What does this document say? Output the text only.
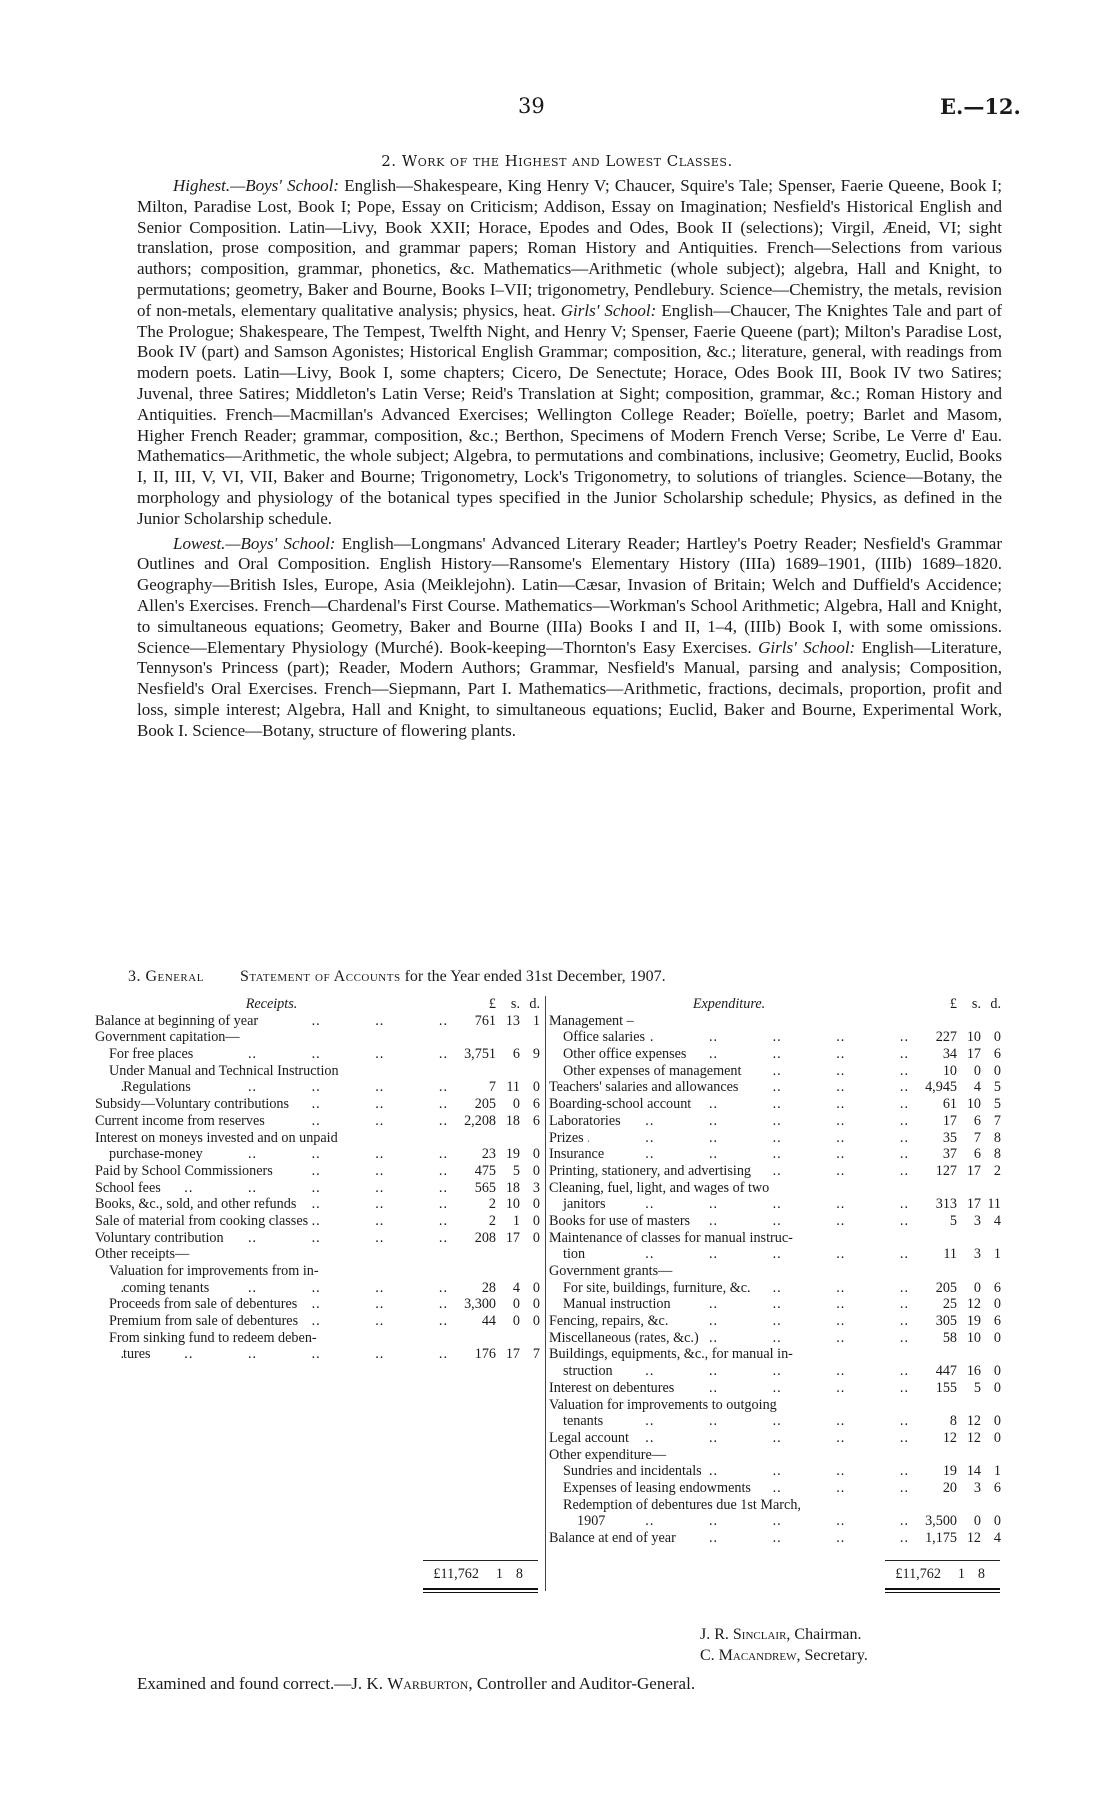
39	E.—12.
2. Work of the Highest and Lowest Classes.

Highest.—Boys' School: English—Shakespeare, King Henry V; Chaucer, Squire's Tale; Spenser, Faerie Queene, Book I; Milton, Paradise Lost, Book I; Pope, Essay on Criticism; Addison, Essay on Imagination; Nesfield's Historical English and Senior Composition. Latin—Livy, Book XXII; Horace, Epodes and Odes, Book II (selections); Virgil, Æneid, VI; sight translation, prose composition, and grammar papers; Roman History and Antiquities. French—Selections from various authors; composition, grammar, phonetics, &c. Mathematics—Arithmetic (whole subject); algebra, Hall and Knight, to permutations; geometry, Baker and Bourne, Books I–VII; trigonometry, Pendlebury. Science—Chemistry, the metals, revision of non-metals, elementary qualitative analysis; physics, heat. Girls' School: English—Chaucer, The Knightes Tale and part of The Prologue; Shakespeare, The Tempest, Twelfth Night, and Henry V; Spenser, Faerie Queene (part); Milton's Paradise Lost, Book IV (part) and Samson Agonistes; Historical English Grammar; composition, &c.; literature, general, with readings from modern poets. Latin—Livy, Book I, some chapters; Cicero, De Senectute; Horace, Odes Book III, Book IV two Satires; Juvenal, three Satires; Middleton's Latin Verse; Reid's Translation at Sight; composition, grammar, &c.; Roman History and Antiquities. French—Macmillan's Advanced Exercises; Wellington College Reader; Boïelle, poetry; Barlet and Masom, Higher French Reader; grammar, composition, &c.; Berthon, Specimens of Modern French Verse; Scribe, Le Verre d' Eau. Mathematics—Arithmetic, the whole subject; Algebra, to permutations and combinations, inclusive; Geometry, Euclid, Books I, II, III, V, VI, VII, Baker and Bourne; Trigonometry, Lock's Trigonometry, to solutions of triangles. Science—Botany, the morphology and physiology of the botanical types specified in the Junior Scholarship schedule; Physics, as defined in the Junior Scholarship schedule.

Lowest.—Boys' School: English—Longmans' Advanced Literary Reader; Hartley's Poetry Reader; Nesfield's Grammar Outlines and Oral Composition. English History—Ransome's Elementary History (IIIa) 1689–1901, (IIIb) 1689–1820. Geography—British Isles, Europe, Asia (Meiklejohn). Latin—Cæsar, Invasion of Britain; Welch and Duffield's Accidence; Allen's Exercises. French—Chardenal's First Course. Mathematics—Workman's School Arithmetic; Algebra, Hall and Knight, to simultaneous equations; Geometry, Baker and Bourne (IIIa) Books I and II, 1–4, (IIIb) Book I, with some omissions. Science—Elementary Physiology (Murché). Book-keeping—Thornton's Easy Exercises. Girls' School: English—Literature, Tennyson's Princess (part); Reader, Modern Authors; Grammar, Nesfield's Manual, parsing and analysis; Composition, Nesfield's Oral Exercises. French—Siepmann, Part I. Mathematics—Arithmetic, fractions, decimals, proportion, profit and loss, simple interest; Algebra, Hall and Knight, to simultaneous equations; Euclid, Baker and Bourne, Experimental Work, Book I. Science—Botany, structure of flowering plants.

3. General Statement of Accounts for the Year ended 31st December, 1907.
Receipts.	£	s. d.
Balance at beginning of year ..	761 13 1
Government capitation—
For free places ..	3,751	6 9
Under Manual and Technical Instruction
Regulations ..	7 11 0
Subsidy—Voluntary contributions ..	205	0 6
Current income from reserves ..	2,208 18 6
Interest on moneys invested and on unpaid
purchase-money ..	23 19 0
Paid by School Commissioners ..	475	5 0
School fees ..	565 18 3
Books, &c., sold, and other refunds ..	2 10 0
Sale of material from cooking classes ..	2	1 0
Voluntary contribution ..	208 17 0
Other receipts—
Valuation for improvements from in-
coming tenants ..	28	4 0
Proceeds from sale of debentures ..	3,300	0 0
Premium from sale of debentures ..	44	0 0
From sinking fund to redeem deben-
tures ..	176 17 7
Expenditure.	£	s. d.
Management –
Office salaries ..	227 10 0
Other office expenses ..	34 17 6
Other expenses of management ..	10	0 0
Teachers' salaries and allowances ..	4,945	4 5
Boarding-school account ..	61 10 5
Laboratories ..	17	6 7
Prizes ..	35	7 8
Insurance ..	37	6 8
Printing, stationery, and advertising ..	127 17 2
Cleaning, fuel, light, and wages of two
janitors ..	313 17 11
Books for use of masters ..	5	3 4
Maintenance of classes for manual instruc-
tion ..	11	3 1
Government grants—
For site, buildings, furniture, &c. ..	205	0 6
Manual instruction ..	25 12 0
Fencing, repairs, &c. ..	305 19 6
Miscellaneous (rates, &c.) ..	58 10 0
Buildings, equipments, &c., for manual in-
struction ..	447 16 0
Interest on debentures ..	155	5 0
Valuation for improvements to outgoing
tenants ..	8 12 0
Legal account ..	12 12 0
Other expenditure—
Sundries and incidentals ..	19 14 1
Expenses of leasing endowments ..	20	3 6
Redemption of debentures due 1st March,
1907 ..	3,500	0 0
Balance at end of year ..	1,175 12 4
£11,762	1 8	£11,762	1 8
J. R. Sinclair, Chairman.
C. Macandrew, Secretary.
Examined and found correct.—J. K. Warburton, Controller and Auditor-General.
